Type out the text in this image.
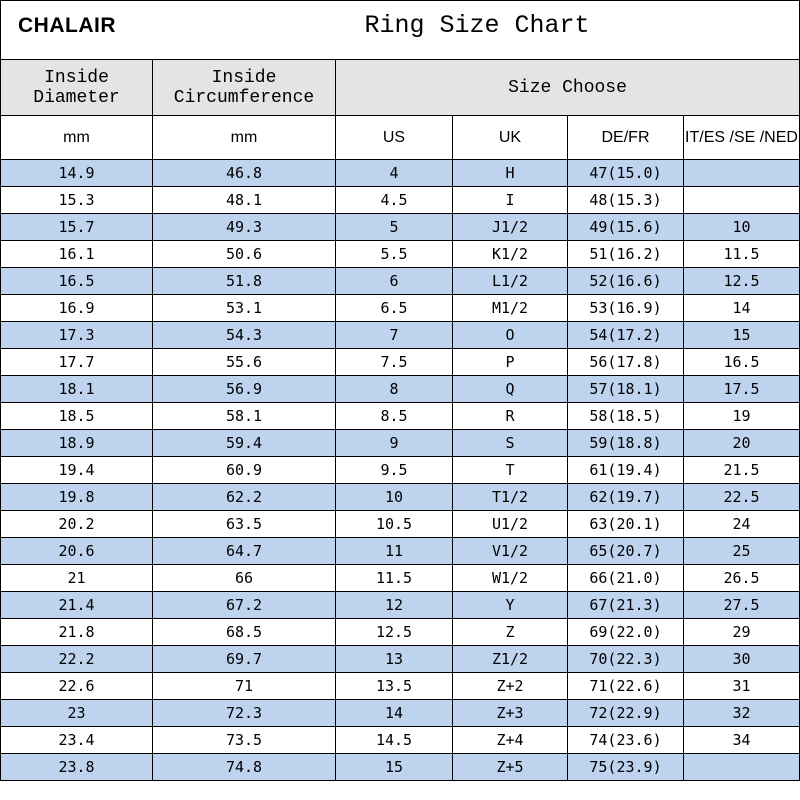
CHALAIR	Ring Size Chart
Inside Diameter	Inside Circumference	Size Choose			
mm	mm	US	UK	DE/FR	IT/ES /SE /NED
14.9	46.8	4	H	47(15.0)	
15.3	48.1	4.5	I	48(15.3)	
15.7	49.3	5	J1/2	49(15.6)	10
16.1	50.6	5.5	K1/2	51(16.2)	11.5
16.5	51.8	6	L1/2	52(16.6)	12.5
16.9	53.1	6.5	M1/2	53(16.9)	14
17.3	54.3	7	O	54(17.2)	15
17.7	55.6	7.5	P	56(17.8)	16.5
18.1	56.9	8	Q	57(18.1)	17.5
18.5	58.1	8.5	R	58(18.5)	19
18.9	59.4	9	S	59(18.8)	20
19.4	60.9	9.5	T	61(19.4)	21.5
19.8	62.2	10	T1/2	62(19.7)	22.5
20.2	63.5	10.5	U1/2	63(20.1)	24
20.6	64.7	11	V1/2	65(20.7)	25
21	66	11.5	W1/2	66(21.0)	26.5
21.4	67.2	12	Y	67(21.3)	27.5
21.8	68.5	12.5	Z	69(22.0)	29
22.2	69.7	13	Z1/2	70(22.3)	30
22.6	71	13.5	Z+2	71(22.6)	31
23	72.3	14	Z+3	72(22.9)	32
23.4	73.5	14.5	Z+4	74(23.6)	34
23.8	74.8	15	Z+5	75(23.9)	
